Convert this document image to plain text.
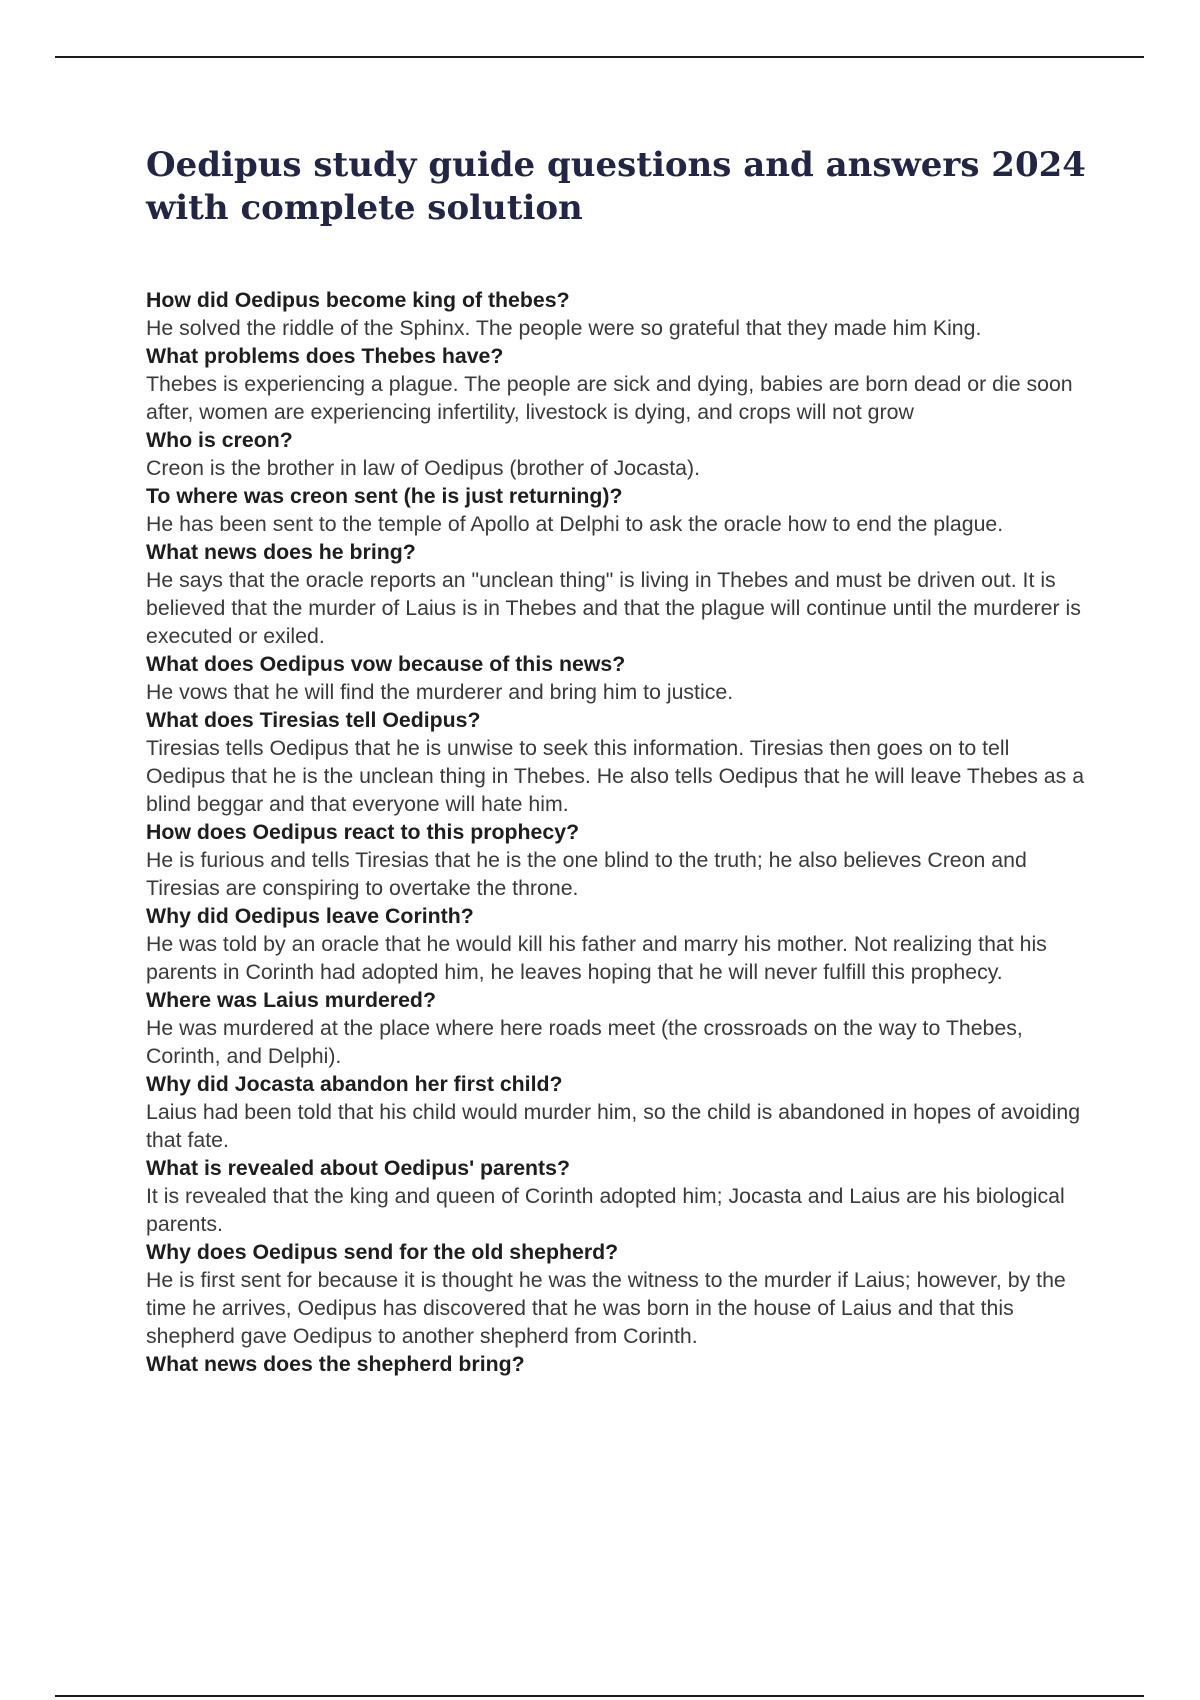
Oedipus study guide questions and answers 2024 with complete solution
How did Oedipus become king of thebes?
He solved the riddle of the Sphinx. The people were so grateful that they made him King.
What problems does Thebes have?
Thebes is experiencing a plague. The people are sick and dying, babies are born dead or die soon after, women are experiencing infertility, livestock is dying, and crops will not grow
Who is creon?
Creon is the brother in law of Oedipus (brother of Jocasta).
To where was creon sent (he is just returning)?
He has been sent to the temple of Apollo at Delphi to ask the oracle how to end the plague.
What news does he bring?
He says that the oracle reports an "unclean thing" is living in Thebes and must be driven out. It is believed that the murder of Laius is in Thebes and that the plague will continue until the murderer is executed or exiled.
What does Oedipus vow because of this news?
He vows that he will find the murderer and bring him to justice.
What does Tiresias tell Oedipus?
Tiresias tells Oedipus that he is unwise to seek this information. Tiresias then goes on to tell Oedipus that he is the unclean thing in Thebes. He also tells Oedipus that he will leave Thebes as a blind beggar and that everyone will hate him.
How does Oedipus react to this prophecy?
He is furious and tells Tiresias that he is the one blind to the truth; he also believes Creon and Tiresias are conspiring to overtake the throne.
Why did Oedipus leave Corinth?
He was told by an oracle that he would kill his father and marry his mother. Not realizing that his parents in Corinth had adopted him, he leaves hoping that he will never fulfill this prophecy.
Where was Laius murdered?
He was murdered at the place where here roads meet (the crossroads on the way to Thebes, Corinth, and Delphi).
Why did Jocasta abandon her first child?
Laius had been told that his child would murder him, so the child is abandoned in hopes of avoiding that fate.
What is revealed about Oedipus' parents?
It is revealed that the king and queen of Corinth adopted him; Jocasta and Laius are his biological parents.
Why does Oedipus send for the old shepherd?
He is first sent for because it is thought he was the witness to the murder if Laius; however, by the time he arrives, Oedipus has discovered that he was born in the house of Laius and that this shepherd gave Oedipus to another shepherd from Corinth.
What news does the shepherd bring?
